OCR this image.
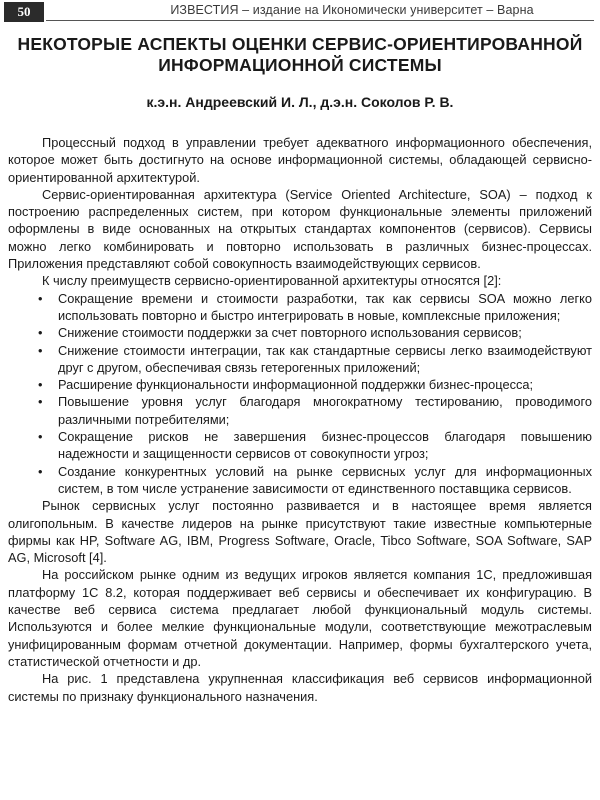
50	ИЗВЕСТИЯ – издание на Икономически университет – Варна
НЕКОТОРЫЕ АСПЕКТЫ ОЦЕНКИ СЕРВИС-ОРИЕНТИРОВАННОЙ ИНФОРМАЦИОННОЙ СИСТЕМЫ
к.э.н. Андреевский И. Л., д.э.н. Соколов Р. В.

Процессный подход в управлении требует адекватного информационного обеспечения, которое может быть достигнуто на основе информационной системы, обладающей сервисно-ориентированной архитектурой.

Сервис-ориентированная архитектура (Service Oriented Architecture, SOA) – подход к построению распределенных систем, при котором функциональные элементы приложений оформлены в виде основанных на открытых стандартах компонентов (сервисов). Сервисы можно легко комбинировать и повторно использовать в различных бизнес-процессах. Приложения представляют собой совокупность взаимодействующих сервисов.

К числу преимуществ сервисно-ориентированной архитектуры относятся [2]:

• Сокращение времени и стоимости разработки, так как сервисы SOA можно легко использовать повторно и быстро интегрировать в новые, комплексные приложения;
• Снижение стоимости поддержки за счет повторного использования сервисов;
• Снижение стоимости интеграции, так как стандартные сервисы легко взаимодействуют друг с другом, обеспечивая связь гетерогенных приложений;
• Расширение функциональности информационной поддержки бизнес-процесса;
• Повышение уровня услуг благодаря многократному тестированию, проводимого различными потребителями;
• Сокращение рисков не завершения бизнес-процессов благодаря повышению надежности и защищенности сервисов от совокупности угроз;
• Создание конкурентных условий на рынке сервисных услуг для информационных систем, в том числе устранение зависимости от единственного поставщика сервисов.

Рынок сервисных услуг постоянно развивается и в настоящее время является олигопольным. В качестве лидеров на рынке присутствуют такие известные компьютерные фирмы как HP, Software AG, IBM, Progress Software, Oracle, Tibco Software, SOA Software, SAP AG, Microsoft [4].

На российском рынке одним из ведущих игроков является компания 1С, предложившая платформу 1С 8.2, которая поддерживает веб сервисы и обеспечивает их конфигурацию. В качестве веб сервиса система предлагает любой функциональный модуль системы. Используются и более мелкие функциональные модули, соответствующие межотраслевым унифицированным формам отчетной документации. Например, формы бухгалтерского учета, статистической отчетности и др.

На рис. 1 представлена укрупненная классификация веб сервисов информационной системы по признаку функционального назначения.
